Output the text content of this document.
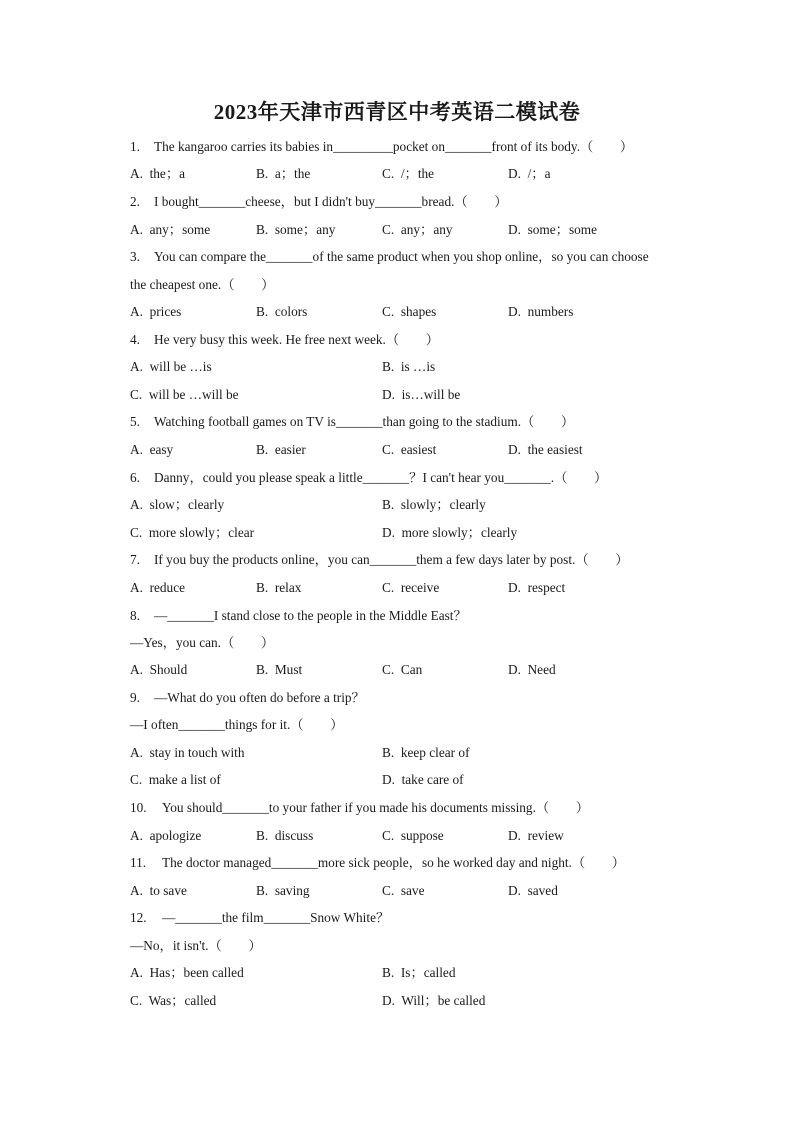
2023年天津市西青区中考英语二模试卷
1. The kangaroo carries its babies in_________pocket on_______front of its body.（　　）
A.  the；a	B.  a；the	C.  /；the	D.  /；a
2. I bought_______cheese，but I didn't buy_______bread.（　　）
A.  any；some	B.  some；any	C.  any；any	D.  some；some
3. You can compare the_______of the same product when you shop online，so you can choose
the cheapest one.（　　）
A.  prices	B.  colors	C.  shapes	D.  numbers
4. He very busy this week. He free next week.（　　）
A.  will be …is	B.  is …is
C.  will be …will be	D.  is…will be
5. Watching football games on TV is_______than going to the stadium.（　　）
A.  easy	B.  easier	C.  easiest	D.  the easiest
6. Danny，could you please speak a little_______？I can't hear you_______.（　　）
A.  slow；clearly	B.  slowly；clearly
C.  more slowly；clear	D.  more slowly；clearly
7. If you buy the products online，you can_______them a few days later by post.（　　）
A.  reduce	B.  relax	C.  receive	D.  respect
8. —_______I stand close to the people in the Middle East？
—Yes，you can.（　　）
A.  Should	B.  Must	C.  Can	D.  Need
9. —What do you often do before a trip？
—I often_______things for it.（　　）
A.  stay in touch with	B.  keep clear of
C.  make a list of	D.  take care of
10. You should_______to your father if you made his documents missing.（　　）
A.  apologize	B.  discuss	C.  suppose	D.  review
11. The doctor managed_______more sick people，so he worked day and night.（　　）
A.  to save	B.  saving	C.  save	D.  saved
12. —_______the film_______Snow White？
—No，it isn't.（　　）
A.  Has；been called	B.  Is；called
C.  Was；called	D.  Will；be called
